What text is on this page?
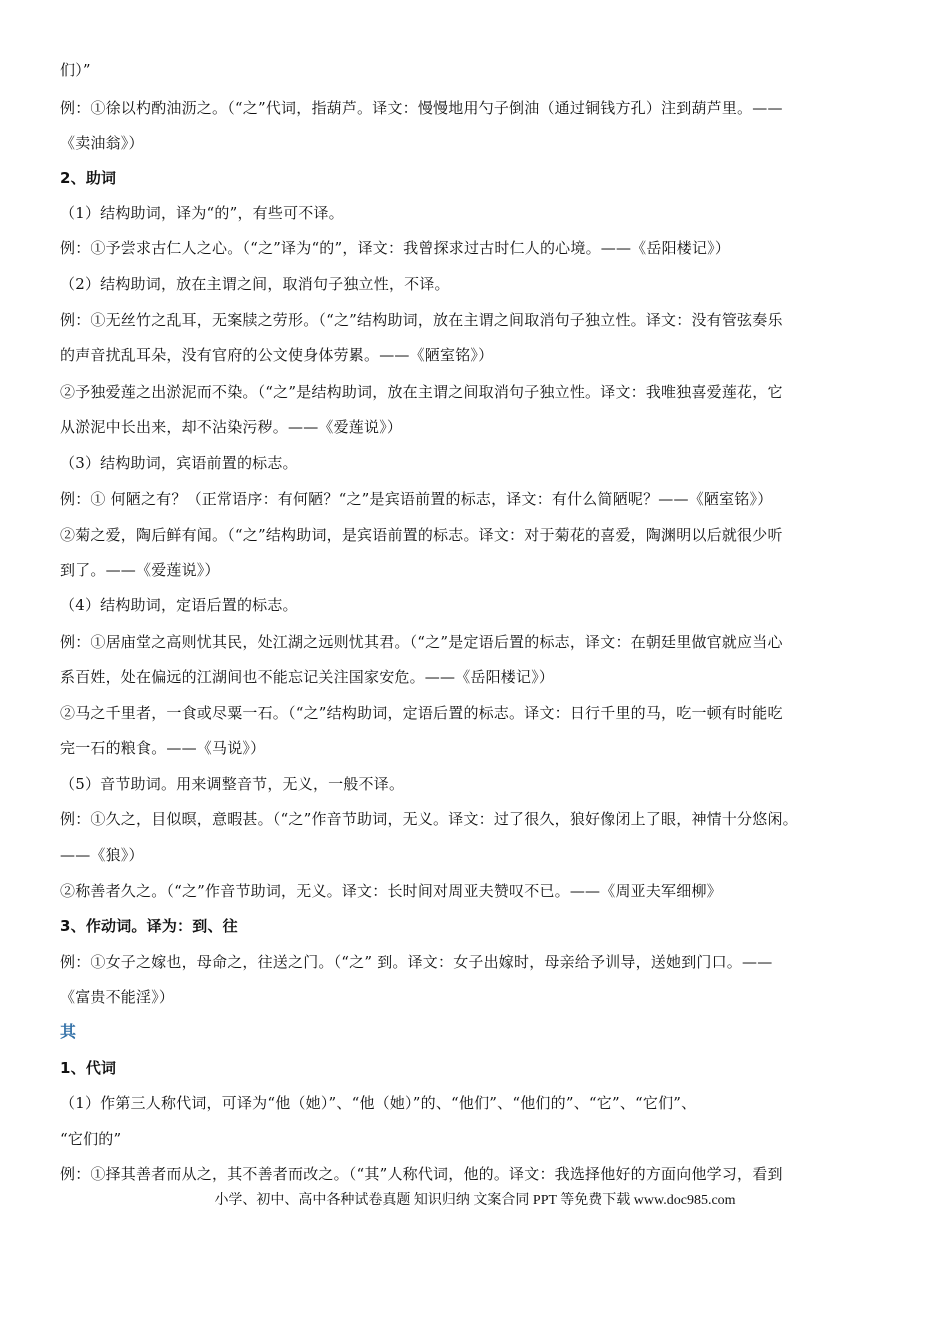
们）”
例：①徐以杓酌油沥之。（“之”代词，指葫芦。译文：慢慢地用勺子倒油（通过铜钱方孔）注到葫芦里。——
《卖油翁》）
2、助词
（1）结构助词，译为“的”，有些可不译。
例：①予尝求古仁人之心。（“之”译为“的”，译文：我曾探求过古时仁人的心境。——《岳阳楼记》）
（2）结构助词，放在主谓之间，取消句子独立性，不译。
例：①无丝竹之乱耳，无案牍之劳形。（“之”结构助词，放在主谓之间取消句子独立性。译文：没有管弦奏乐
的声音扰乱耳朵，没有官府的公文使身体劳累。——《陋室铭》）
②予独爱莲之出淤泥而不染。（“之”是结构助词，放在主谓之间取消句子独立性。译文：我唯独喜爱莲花，它
从淤泥中长出来，却不沾染污秽。——《爱莲说》）
（3）结构助词，宾语前置的标志。
例：① 何陋之有？（正常语序：有何陋？“之”是宾语前置的标志，译文：有什么简陋呢？——《陋室铭》）
②菊之爱，陶后鲜有闻。（“之”结构助词，是宾语前置的标志。译文：对于菊花的喜爱，陶渊明以后就很少听
到了。——《爱莲说》）
（4）结构助词，定语后置的标志。
例：①居庙堂之高则忧其民，处江湖之远则忧其君。（“之”是定语后置的标志，译文：在朝廷里做官就应当心
系百姓，处在偏远的江湖间也不能忘记关注国家安危。——《岳阳楼记》）
②马之千里者，一食或尽粟一石。（“之”结构助词，定语后置的标志。译文：日行千里的马，吃一顿有时能吃
完一石的粮食。——《马说》）
（5）音节助词。用来调整音节，无义，一般不译。
例：①久之，目似暝，意暇甚。（“之”作音节助词，无义。译文：过了很久，狼好像闭上了眼，神情十分悠闲。
——《狼》）
②称善者久之。（“之”作音节助词，无义。译文：长时间对周亚夫赞叹不已。——《周亚夫军细柳》
3、作动词。译为：到、往
例：①女子之嫁也，母命之，往送之门。（“之” 到。译文：女子出嫁时，母亲给予训导，送她到门口。——
《富贵不能淫》）
其
1、代词
（1）作第三人称代词，可译为“他（她）”、“他（她）”的、“他们”、“他们的”、“它”、“它们”、
“它们的”
例：①择其善者而从之，其不善者而改之。（“其”人称代词，他的。译文：我选择他好的方面向他学习，看到
小学、初中、高中各种试卷真题 知识归纳 文案合同 PPT 等免费下载 www.doc985.com
